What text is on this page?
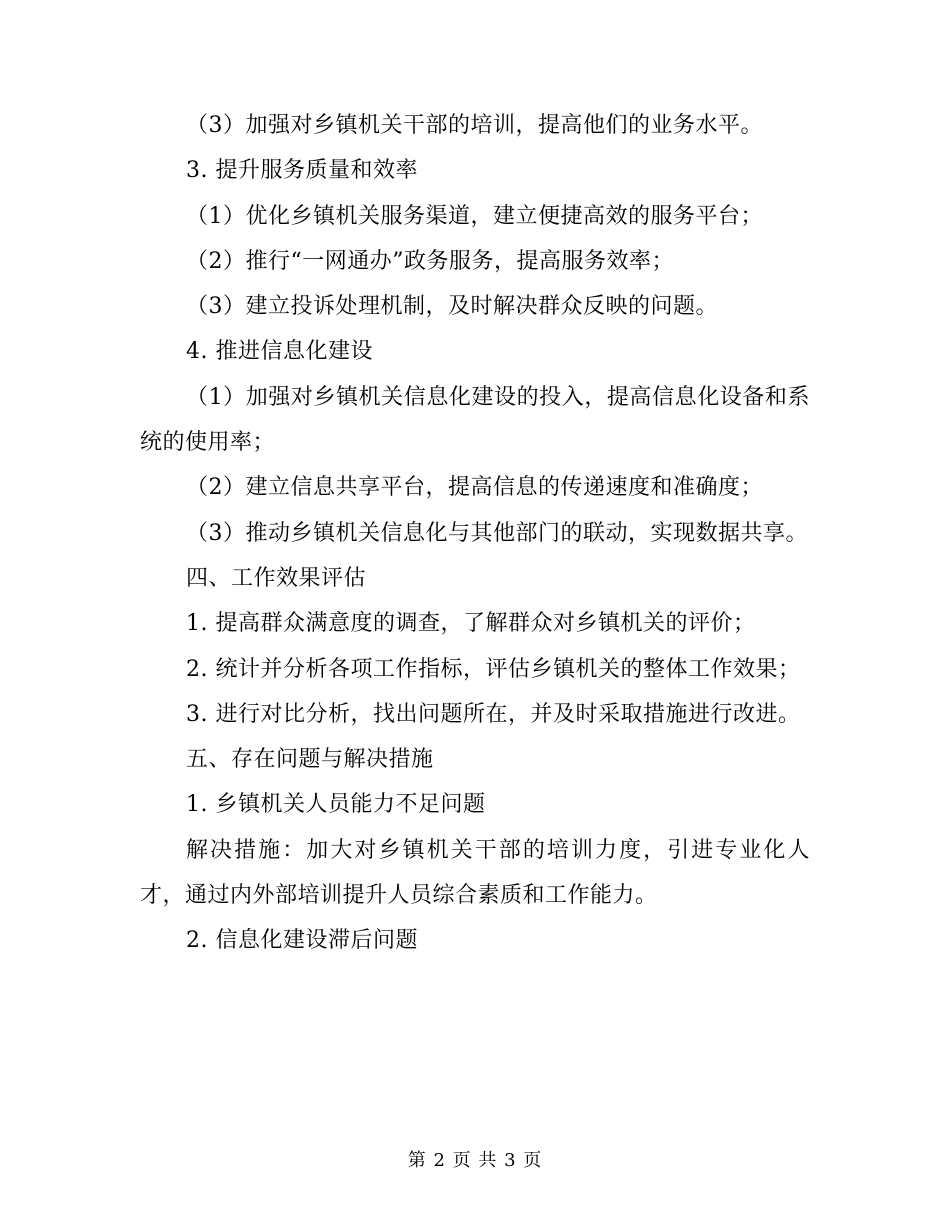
（3）加强对乡镇机关干部的培训，提高他们的业务水平。

3. 提升服务质量和效率

（1）优化乡镇机关服务渠道，建立便捷高效的服务平台；

（2）推行“一网通办”政务服务，提高服务效率；

（3）建立投诉处理机制，及时解决群众反映的问题。

4. 推进信息化建设

（1）加强对乡镇机关信息化建设的投入，提高信息化设备和系统的使用率；

（2）建立信息共享平台，提高信息的传递速度和准确度；

（3）推动乡镇机关信息化与其他部门的联动，实现数据共享。

四、工作效果评估

1. 提高群众满意度的调查，了解群众对乡镇机关的评价；

2. 统计并分析各项工作指标，评估乡镇机关的整体工作效果；

3. 进行对比分析，找出问题所在，并及时采取措施进行改进。

五、存在问题与解决措施

1. 乡镇机关人员能力不足问题

解决措施：加大对乡镇机关干部的培训力度，引进专业化人才，通过内外部培训提升人员综合素质和工作能力。

2. 信息化建设滞后问题

第 2 页 共 3 页
